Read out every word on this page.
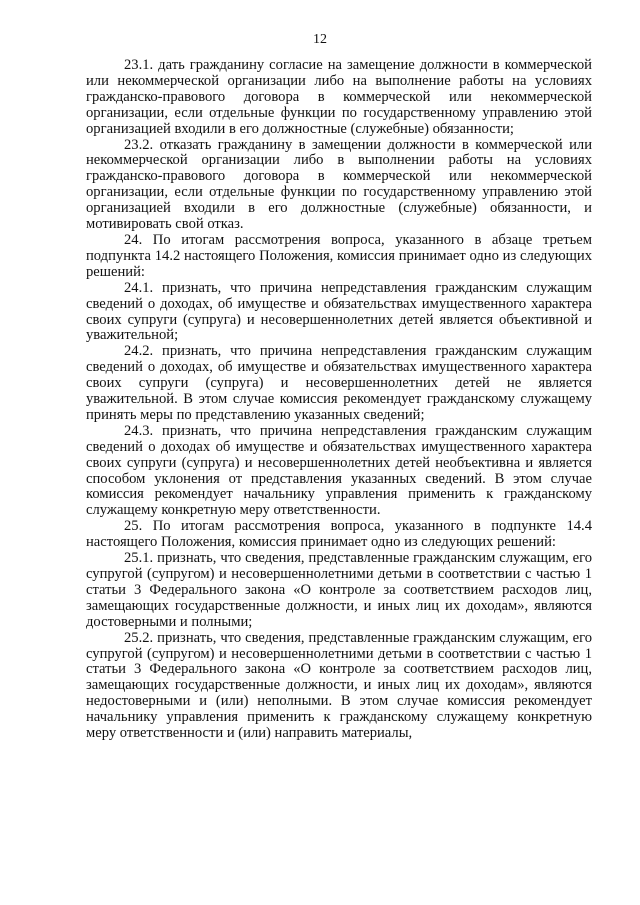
12

23.1. дать гражданину согласие на замещение должности в коммерческой или некоммерческой организации либо на выполнение работы на условиях гражданско-правового договора в коммерческой или некоммерческой организации, если отдельные функции по государственному управлению этой организацией входили в его должностные (служебные) обязанности;

23.2. отказать гражданину в замещении должности в коммерческой или некоммерческой организации либо в выполнении работы на условиях гражданско-правового договора в коммерческой или некоммерческой организации, если отдельные функции по государственному управлению этой организацией входили в его должностные (служебные) обязанности, и мотивировать свой отказ.

24. По итогам рассмотрения вопроса, указанного в абзаце третьем подпункта 14.2 настоящего Положения, комиссия принимает одно из следующих решений:

24.1. признать, что причина непредставления гражданским служащим сведений о доходах, об имуществе и обязательствах имущественного характера своих супруги (супруга) и несовершеннолетних детей является объективной и уважительной;

24.2. признать, что причина непредставления гражданским служащим сведений о доходах, об имуществе и обязательствах имущественного характера своих супруги (супруга) и несовершеннолетних детей не является уважительной. В этом случае комиссия рекомендует гражданскому служащему принять меры по представлению указанных сведений;

24.3. признать, что причина непредставления гражданским служащим сведений о доходах об имуществе и обязательствах имущественного характера своих супруги (супруга) и несовершеннолетних детей необъективна и является способом уклонения от представления указанных сведений. В этом случае комиссия рекомендует начальнику управления применить к гражданскому служащему конкретную меру ответственности.

25. По итогам рассмотрения вопроса, указанного в подпункте 14.4 настоящего Положения, комиссия принимает одно из следующих решений:

25.1. признать, что сведения, представленные гражданским служащим, его супругой (супругом) и несовершеннолетними детьми в соответствии с частью 1 статьи 3 Федерального закона «О контроле за соответствием расходов лиц, замещающих государственные должности, и иных лиц их доходам», являются достоверными и полными;

25.2. признать, что сведения, представленные гражданским служащим, его супругой (супругом) и несовершеннолетними детьми в соответствии с частью 1 статьи 3 Федерального закона «О контроле за соответствием расходов лиц, замещающих государственные должности, и иных лиц их доходам», являются недостоверными и (или) неполными. В этом случае комиссия рекомендует начальнику управления применить к гражданскому служащему конкретную меру ответственности и (или) направить материалы,
